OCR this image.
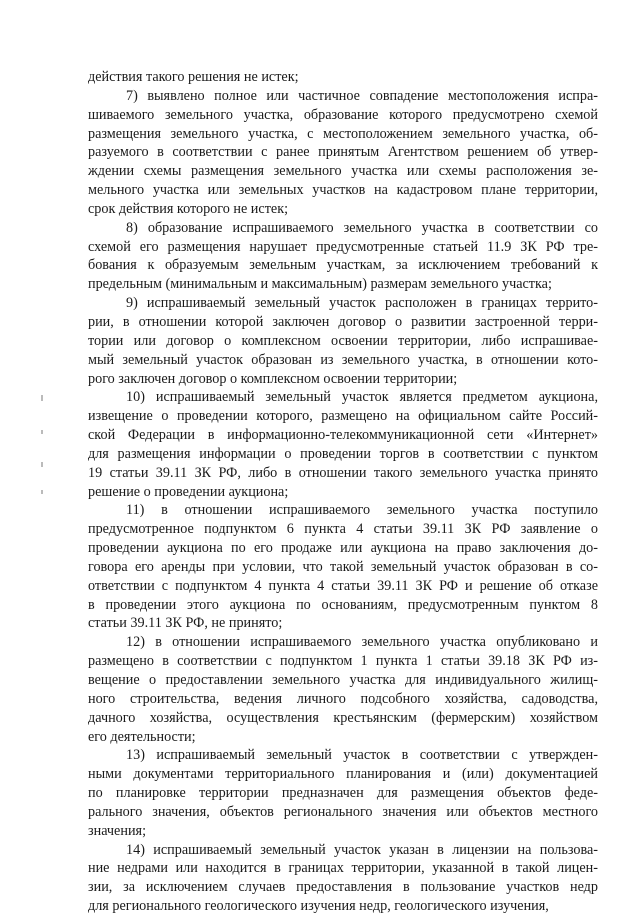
действия такого решения не истек;
7) выявлено полное или частичное совпадение местоположения испра-
шиваемого земельного участка, образование которого предусмотрено схемой
размещения земельного участка, с местоположением земельного участка, об-
разуемого в соответствии с ранее принятым Агентством решением об утвер-
ждении схемы размещения земельного участка или схемы расположения зе-
мельного участка или земельных участков на кадастровом плане территории,
срок действия которого не истек;
8) образование испрашиваемого земельного участка в соответствии со
схемой его размещения нарушает предусмотренные статьей 11.9 ЗК РФ тре-
бования к образуемым земельным участкам, за исключением требований к
предельным (минимальным и максимальным) размерам земельного участка;
9) испрашиваемый земельный участок расположен в границах террито-
рии, в отношении которой заключен договор о развитии застроенной терри-
тории или договор о комплексном освоении территории, либо испрашивае-
мый земельный участок образован из земельного участка, в отношении кото-
рого заключен договор о комплексном освоении территории;
10) испрашиваемый земельный участок является предметом аукциона,
извещение о проведении которого, размещено на официальном сайте Россий-
ской Федерации в информационно-телекоммуникационной сети «Интернет»
для размещения информации о проведении торгов в соответствии с пунктом
19 статьи 39.11 ЗК РФ, либо в отношении такого земельного участка принято
решение о проведении аукциона;
11) в отношении испрашиваемого земельного участка поступило
предусмотренное подпунктом 6 пункта 4 статьи 39.11 ЗК РФ заявление о
проведении аукциона по его продаже или аукциона на право заключения до-
говора его аренды при условии, что такой земельный участок образован в со-
ответствии с подпунктом 4 пункта 4 статьи 39.11 ЗК РФ и решение об отказе
в проведении этого аукциона по основаниям, предусмотренным пунктом 8
статьи 39.11 ЗК РФ, не принято;
12) в отношении испрашиваемого земельного участка опубликовано и
размещено в соответствии с подпунктом 1 пункта 1 статьи 39.18 ЗК РФ из-
вещение о предоставлении земельного участка для индивидуального жилищ-
ного строительства, ведения личного подсобного хозяйства, садоводства,
дачного хозяйства, осуществления крестьянским (фермерским) хозяйством
его деятельности;
13) испрашиваемый земельный участок в соответствии с утвержден-
ными документами территориального планирования и (или) документацией
по планировке территории предназначен для размещения объектов феде-
рального значения, объектов регионального значения или объектов местного
значения;
14) испрашиваемый земельный участок указан в лицензии на пользова-
ние недрами или находится в границах территории, указанной в такой лицен-
зии, за исключением случаев предоставления в пользование участков недр
для регионального геологического изучения недр, геологического изучения,
